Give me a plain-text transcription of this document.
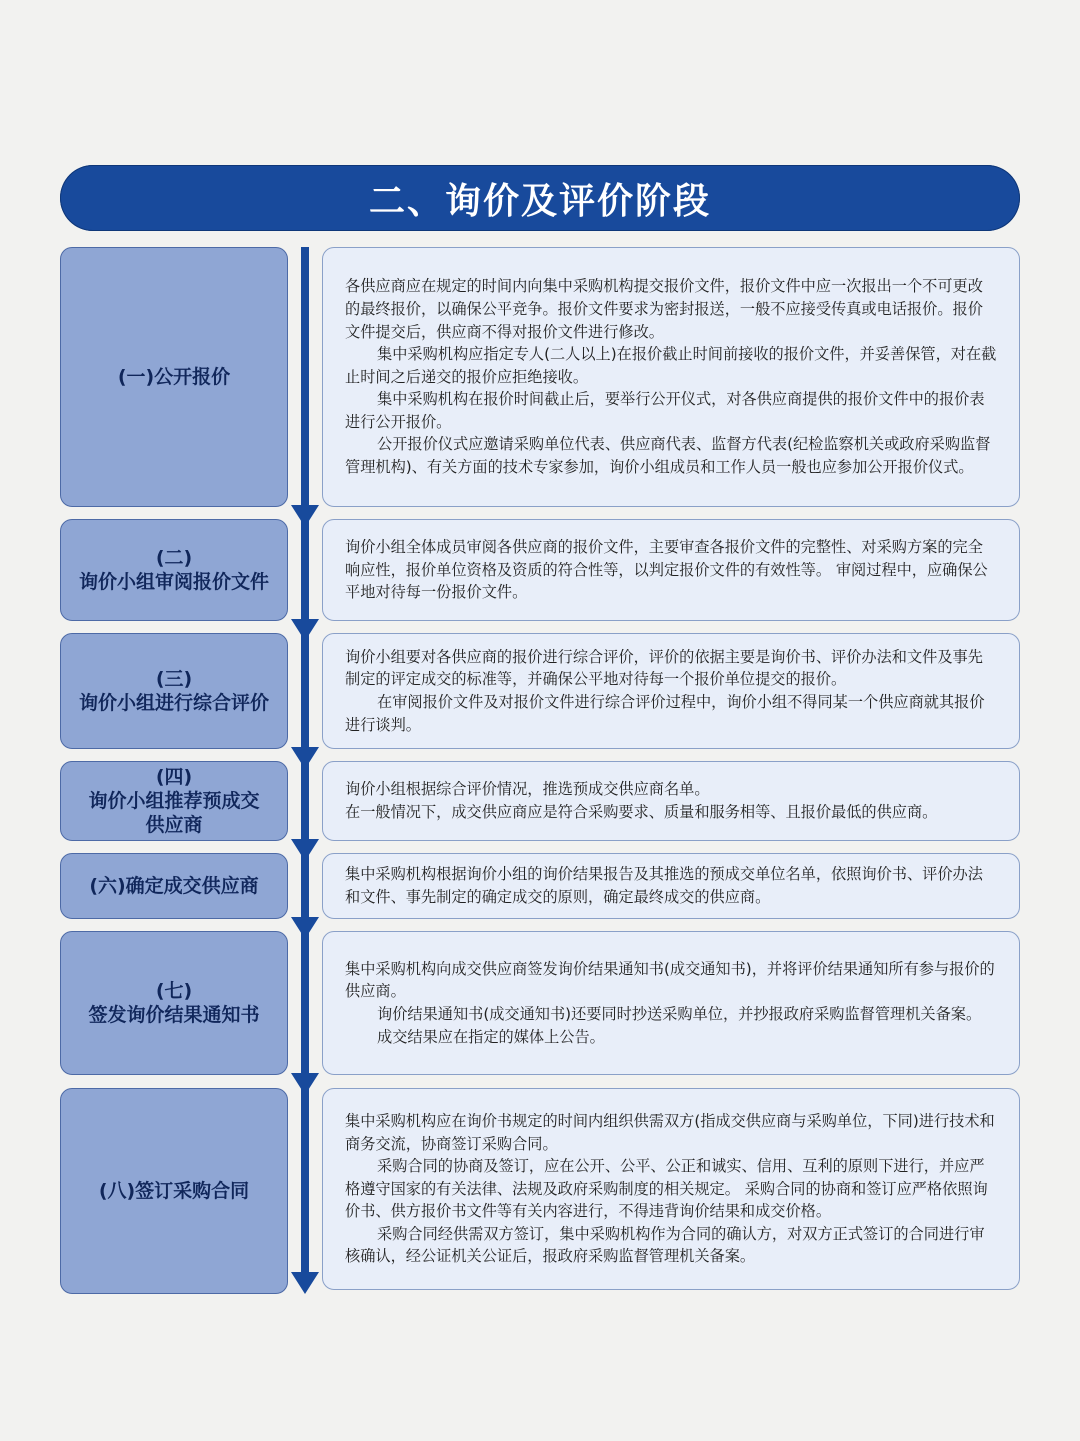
二、询价及评价阶段
(一)公开报价

各供应商应在规定的时间内向集中采购机构提交报价文件，报价文件中应一次报出一个不可更改的最终报价，以确保公平竞争。报价文件要求为密封报送，一般不应接受传真或电话报价。报价文件提交后，供应商不得对报价文件进行修改。

集中采购机构应指定专人(二人以上)在报价截止时间前接收的报价文件，并妥善保管，对在截止时间之后递交的报价应拒绝接收。

集中采购机构在报价时间截止后，要举行公开仪式，对各供应商提供的报价文件中的报价表进行公开报价。

公开报价仪式应邀请采购单位代表、供应商代表、监督方代表(纪检监察机关或政府采购监督管理机构)、有关方面的技术专家参加，询价小组成员和工作人员一般也应参加公开报价仪式。

(二)
询价小组审阅报价文件

询价小组全体成员审阅各供应商的报价文件，主要审查各报价文件的完整性、对采购方案的完全响应性，报价单位资格及资质的符合性等，以判定报价文件的有效性等。 审阅过程中，应确保公平地对待每一份报价文件。

(三)
询价小组进行综合评价

询价小组要对各供应商的报价进行综合评价，评价的依据主要是询价书、评价办法和文件及事先制定的评定成交的标准等，并确保公平地对待每一个报价单位提交的报价。

在审阅报价文件及对报价文件进行综合评价过程中，询价小组不得同某一个供应商就其报价进行谈判。

(四)
询价小组推荐预成交
供应商

询价小组根据综合评价情况，推选预成交供应商名单。

在一般情况下，成交供应商应是符合采购要求、质量和服务相等、且报价最低的供应商。

(六)确定成交供应商

集中采购机构根据询价小组的询价结果报告及其推选的预成交单位名单，依照询价书、评价办法和文件、事先制定的确定成交的原则，确定最终成交的供应商。

(七)
签发询价结果通知书

集中采购机构向成交供应商签发询价结果通知书(成交通知书)，并将评价结果通知所有参与报价的供应商。

询价结果通知书(成交通知书)还要同时抄送采购单位，并抄报政府采购监督管理机关备案。

成交结果应在指定的媒体上公告。

(八)签订采购合同

集中采购机构应在询价书规定的时间内组织供需双方(指成交供应商与采购单位，下同)进行技术和商务交流，协商签订采购合同。

采购合同的协商及签订，应在公开、公平、公正和诚实、信用、互利的原则下进行，并应严格遵守国家的有关法律、法规及政府采购制度的相关规定。 采购合同的协商和签订应严格依照询价书、供方报价书文件等有关内容进行，不得违背询价结果和成交价格。

采购合同经供需双方签订，集中采购机构作为合同的确认方，对双方正式签订的合同进行审核确认，经公证机关公证后，报政府采购监督管理机关备案。
